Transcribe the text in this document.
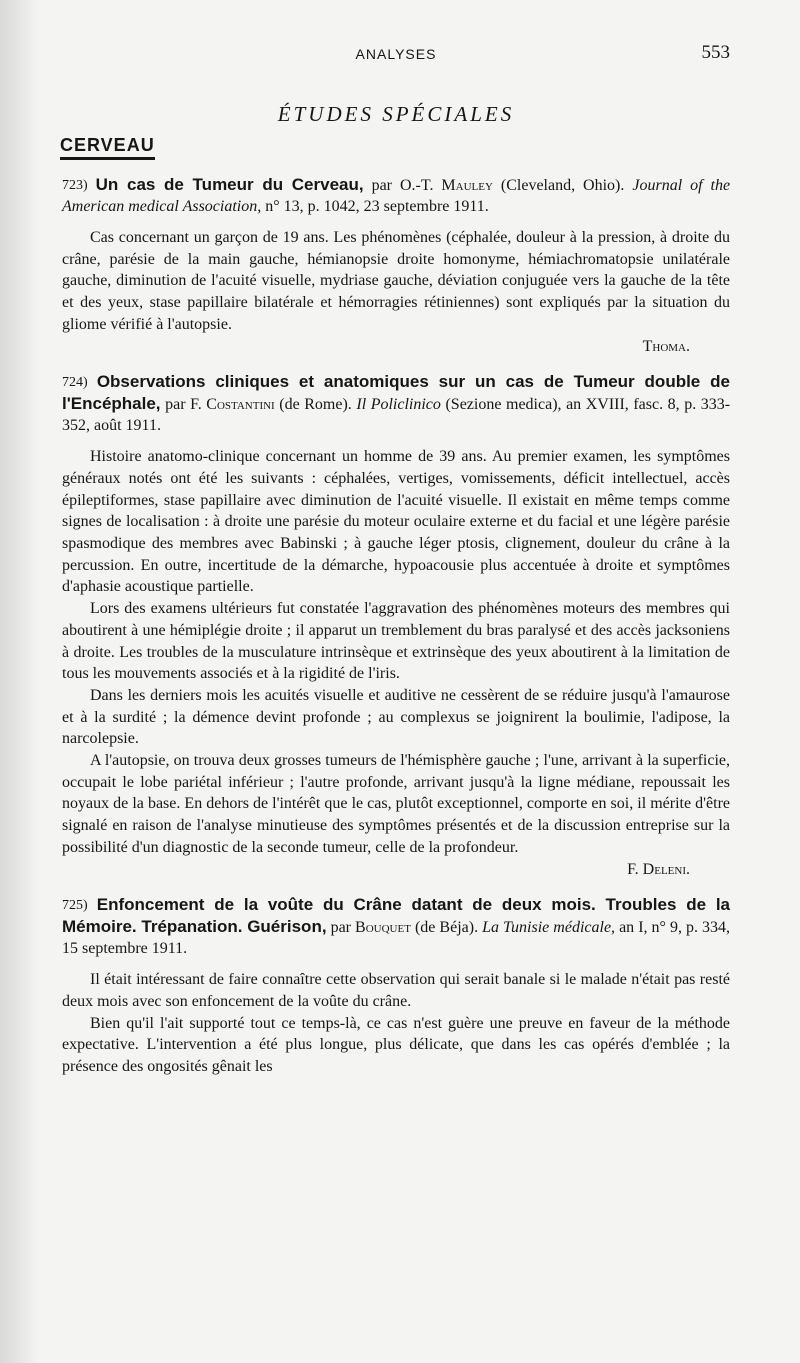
ANALYSES	553
ÉTUDES SPÉCIALES
CERVEAU
723) Un cas de Tumeur du Cerveau, par O.-T. Mauley (Cleveland, Ohio). Journal of the American medical Association, n° 13, p. 1042, 23 septembre 1911.

Cas concernant un garçon de 19 ans. Les phénomènes (céphalée, douleur à la pression, à droite du crâne, parésie de la main gauche, hémianopsie droite homonyme, hémiachromatopsie unilatérale gauche, diminution de l'acuité visuelle, mydriase gauche, déviation conjuguée vers la gauche de la tête et des yeux, stase papillaire bilatérale et hémorragies rétiniennes) sont expliqués par la situation du gliome vérifié à l'autopsie.

Thoma.
724) Observations cliniques et anatomiques sur un cas de Tumeur double de l'Encéphale, par F. Costantini (de Rome). Il Policlinico (Sezione medica), an XVIII, fasc. 8, p. 333-352, août 1911.

Histoire anatomo-clinique concernant un homme de 39 ans. Au premier examen, les symptômes généraux notés ont été les suivants : céphalées, vertiges, vomissements, déficit intellectuel, accès épileptiformes, stase papillaire avec diminution de l'acuité visuelle. Il existait en même temps comme signes de localisation : à droite une parésie du moteur oculaire externe et du facial et une légère parésie spasmodique des membres avec Babinski ; à gauche léger ptosis, clignement, douleur du crâne à la percussion. En outre, incertitude de la démarche, hypoacousie plus accentuée à droite et symptômes d'aphasie acoustique partielle.

Lors des examens ultérieurs fut constatée l'aggravation des phénomènes moteurs des membres qui aboutirent à une hémiplégie droite ; il apparut un tremblement du bras paralysé et des accès jacksoniens à droite. Les troubles de la musculature intrinsèque et extrinsèque des yeux aboutirent à la limitation de tous les mouvements associés et à la rigidité de l'iris.

Dans les derniers mois les acuités visuelle et auditive ne cessèrent de se réduire jusqu'à l'amaurose et à la surdité ; la démence devint profonde ; au complexus se joignirent la boulimie, l'adipose, la narcolepsie.

A l'autopsie, on trouva deux grosses tumeurs de l'hémisphère gauche ; l'une, arrivant à la superficie, occupait le lobe pariétal inférieur ; l'autre profonde, arrivant jusqu'à la ligne médiane, repoussait les noyaux de la base. En dehors de l'intérêt que le cas, plutôt exceptionnel, comporte en soi, il mérite d'être signalé en raison de l'analyse minutieuse des symptômes présentés et de la discussion entreprise sur la possibilité d'un diagnostic de la seconde tumeur, celle de la profondeur.

F. Deleni.
725) Enfoncement de la voûte du Crâne datant de deux mois. Troubles de la Mémoire. Trépanation. Guérison, par Bouquet (de Béja). La Tunisie médicale, an I, n° 9, p. 334, 15 septembre 1911.

Il était intéressant de faire connaître cette observation qui serait banale si le malade n'était pas resté deux mois avec son enfoncement de la voûte du crâne.

Bien qu'il l'ait supporté tout ce temps-là, ce cas n'est guère une preuve en faveur de la méthode expectative. L'intervention a été plus longue, plus délicate, que dans les cas opérés d'emblée ; la présence des ongosités gênait les
